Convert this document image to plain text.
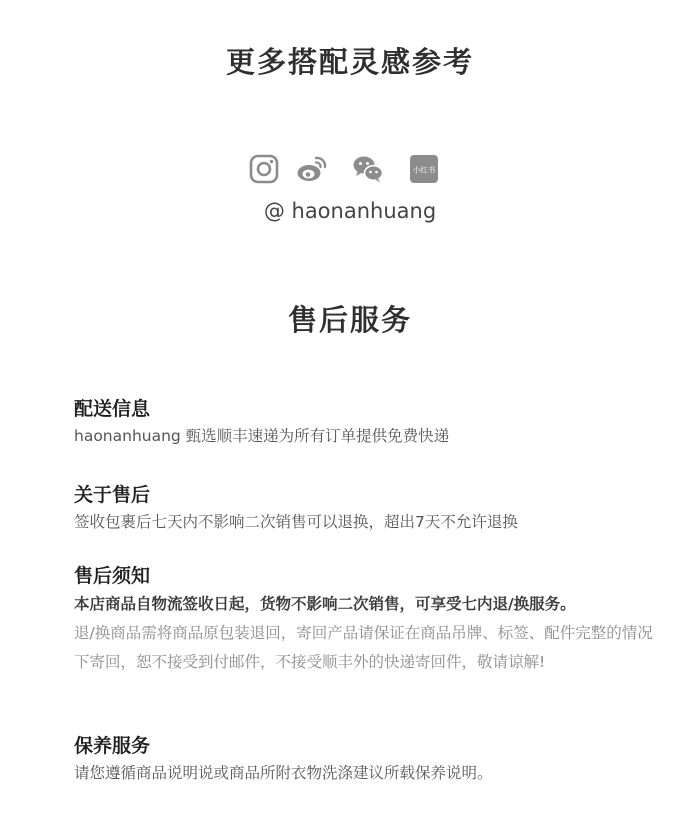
更多搭配灵感参考
小红书
@ haonanhuang
售后服务
配送信息

haonanhuang 甄选顺丰速递为所有订单提供免费快递

关于售后

签收包裹后七天内不影响二次销售可以退换，超出7天不允许退换

售后须知

本店商品自物流签收日起，货物不影响二次销售，可享受七内退/换服务。

退/换商品需将商品原包装退回，寄回产品请保证在商品吊牌、标签、配件完整的情况下寄回，恕不接受到付邮件，不接受顺丰外的快递寄回件，敬请谅解!

保养服务

请您遵循商品说明说或商品所附衣物洗涤建议所载保养说明。
